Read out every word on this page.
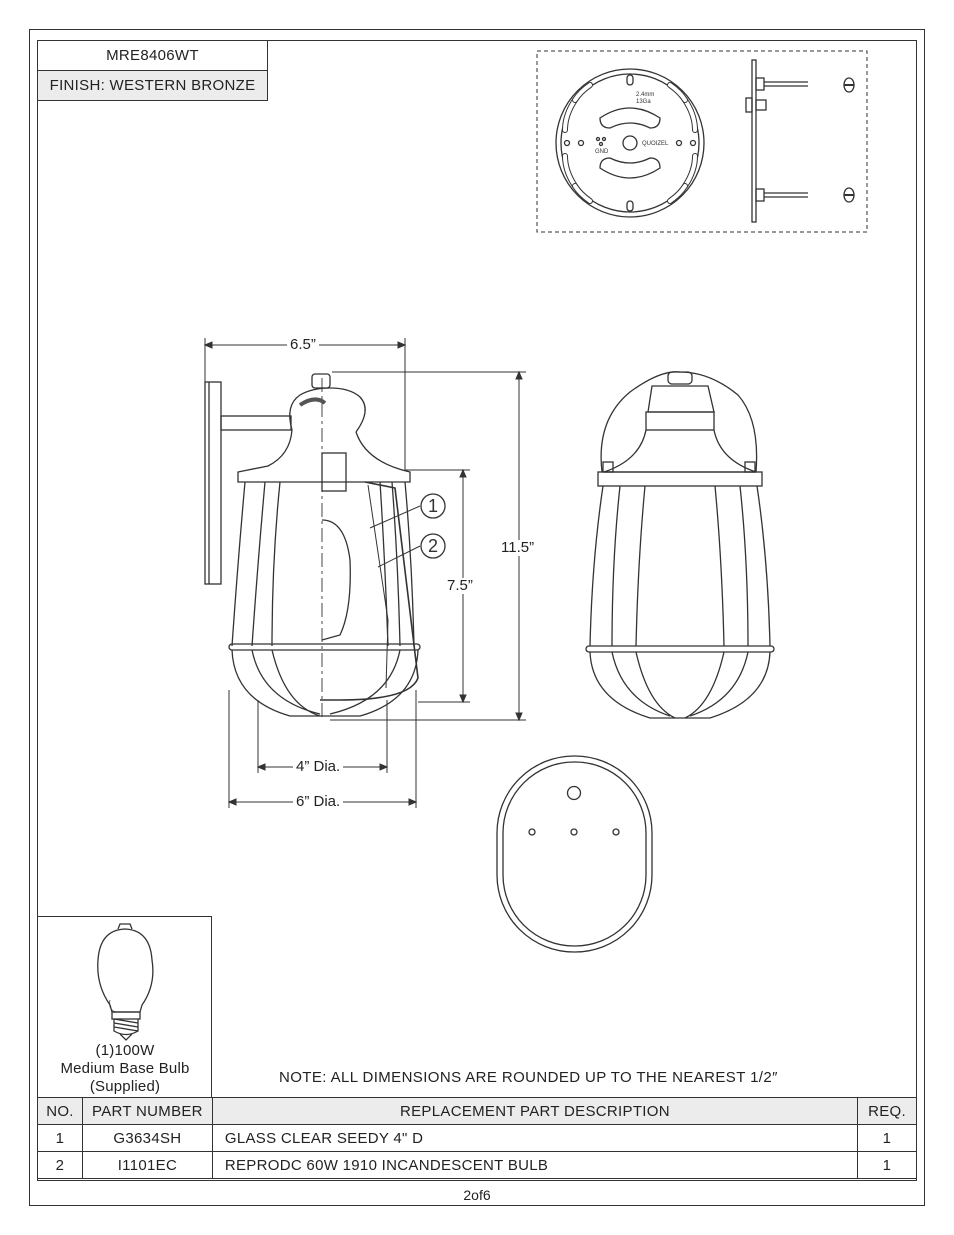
MRE8406WT
FINISH: WESTERN BRONZE
2.4mm
13Ga
GND
QUOIZEL
1
2
6.5”
11.5”
7.5”
4” Dia.
6” Dia.
(1)100W
Medium Base Bulb
(Supplied)
NOTE: ALL DIMENSIONS ARE ROUNDED UP TO THE NEAREST 1/2″
NO.	PART NUMBER	REPLACEMENT PART DESCRIPTION	REQ.
1	G3634SH	GLASS CLEAR SEEDY 4" D	1
2	I1101EC	REPRODC 60W 1910 INCANDESCENT BULB	1
2of6
